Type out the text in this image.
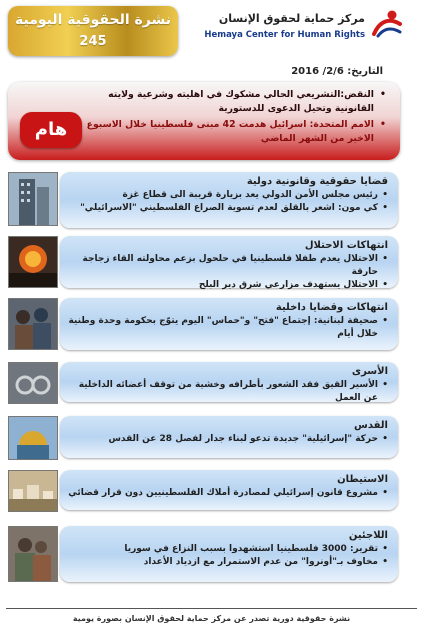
نشرة الحقوقية اليومية
245
مركز حماية لحقوق الإنسان
Hemaya Center for Human Rights
التاريخ: 2/6/ 2016
هام
• النقض:التشريعي الحالي مشكوك في اهليته وشرعية ولايته القانونية وتحيل الدعوى للدستورية
• الامم المتحدة: اسرائيل هدمت 42 مبنى فلسطينيا خلال الاسبوع الاخير من الشهر الماضي
قضايا حقوقية وقانونية دولية
• رئيس مجلس الأمن الدولي يعد بزيارة قريبة الى قطاع غزة
• كي مون: اشعر بالقلق لعدم تسوية الصراع الفلسطيني "الاسرائيلي"
انتهاكات الاحتلال
• الاحتلال يعدم طفلا فلسطينيا في حلحول بزعم محاولته القاء زجاجة حارقة
• الاحتلال يستهدف مزارعي شرق دير البلح
انتهاكات وقضايا داخلية
• صحيفة لبنانية: إجتماع "فتح" و"حماس" اليوم يتوّج بحكومة وحدة وطنية خلال أيام
الأسرى
• الأسير القيق فقد الشعور بأطرافه وخشية من توقف أعضائه الداخلية عن العمل
القدس
• حركة "إسرائيلية" جديدة تدعو لبناء جدار لفصل 28 عن القدس
الاستيطان
• مشروع قانون إسرائيلي لمصادرة أملاك الفلسطينيين دون قرار قضائي
اللاجئين
• تقرير: 3000 فلسطينيا استشهدوا بسبب النزاع في سوريا
• مخاوف بـ"أونروا" من عدم الاستمرار مع ازدياد الأعداد
نشرة حقوقية دورية تصدر عن مركز حماية لحقوق الإنسان بصورة يومية
